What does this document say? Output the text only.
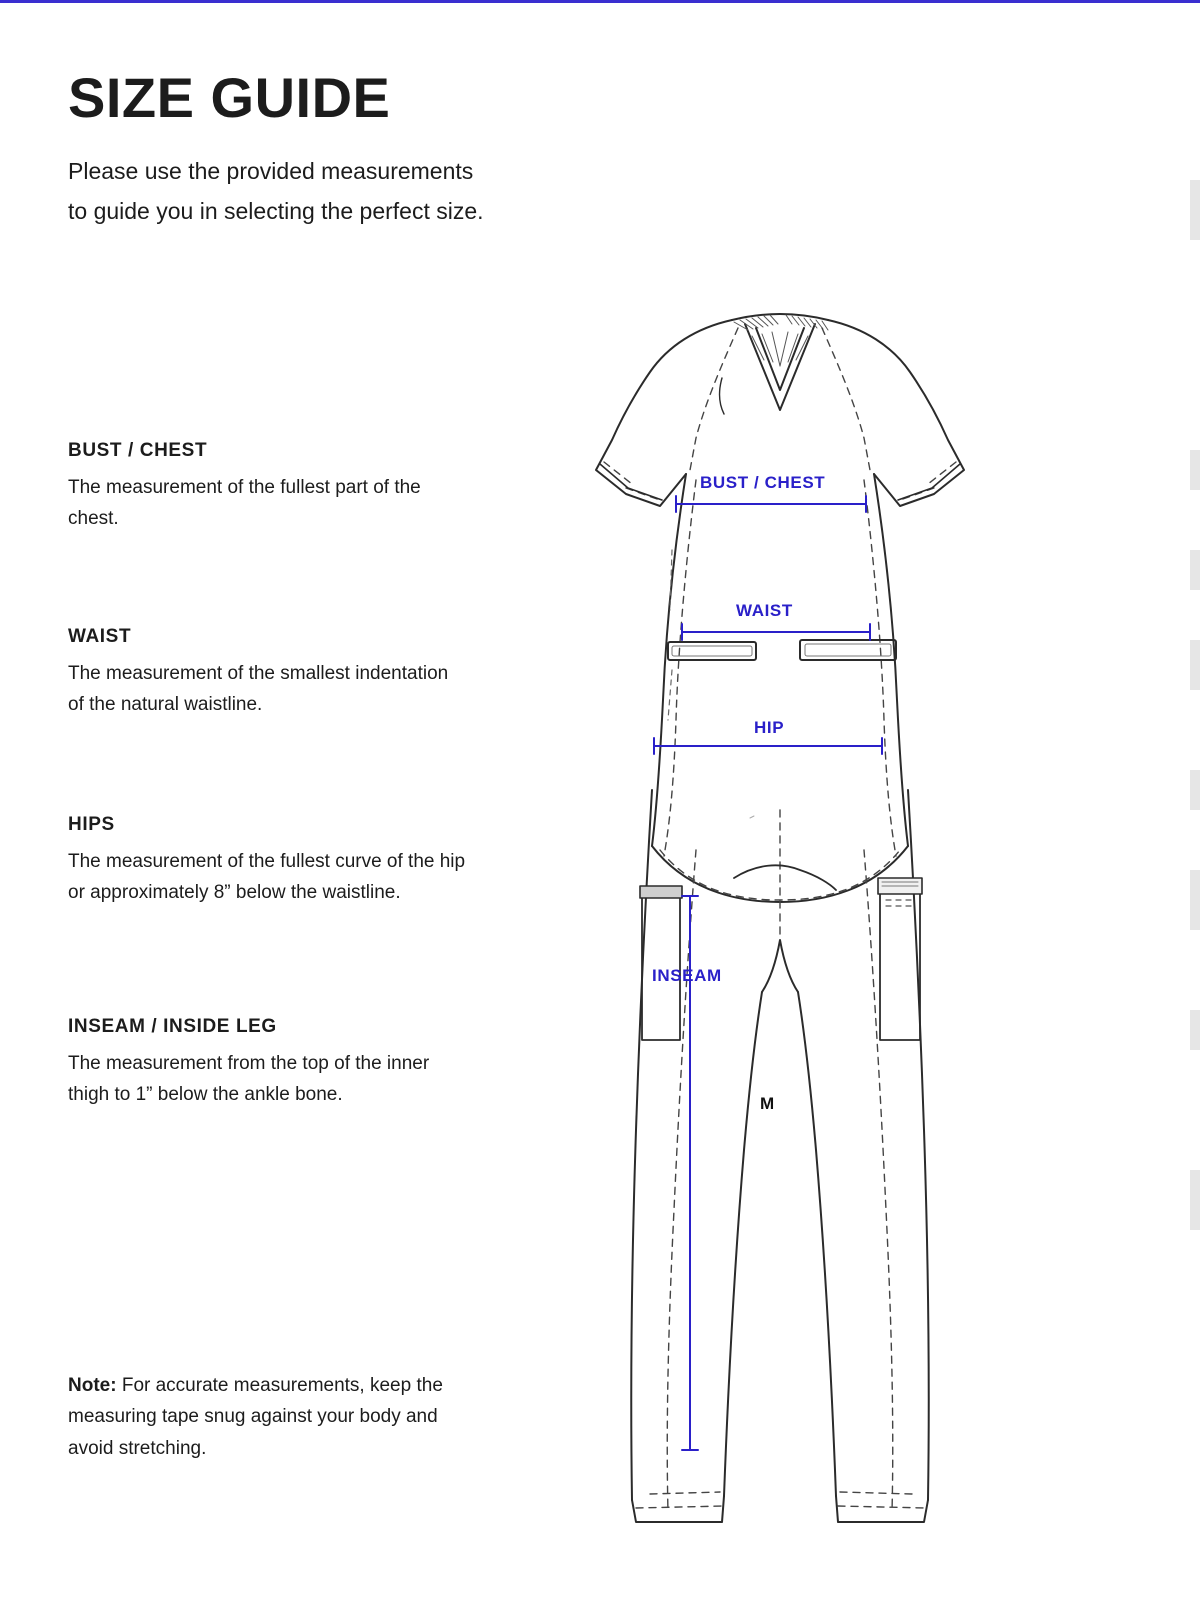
SIZE GUIDE

Please use the provided measurements to guide you in selecting the perfect size.

BUST / CHEST

The measurement of the fullest part of the chest.

WAIST

The measurement of the smallest indentation of the natural waistline.

HIPS

The measurement of the fullest curve of the hip or approximately 8” below the waistline.

INSEAM / INSIDE LEG

The measurement from the top of the inner thigh to 1” below the ankle bone.

Note: For accurate measurements, keep the measuring tape snug against your body and avoid stretching.
BUST / CHEST
WAIST
HIP
INSEAM
M
